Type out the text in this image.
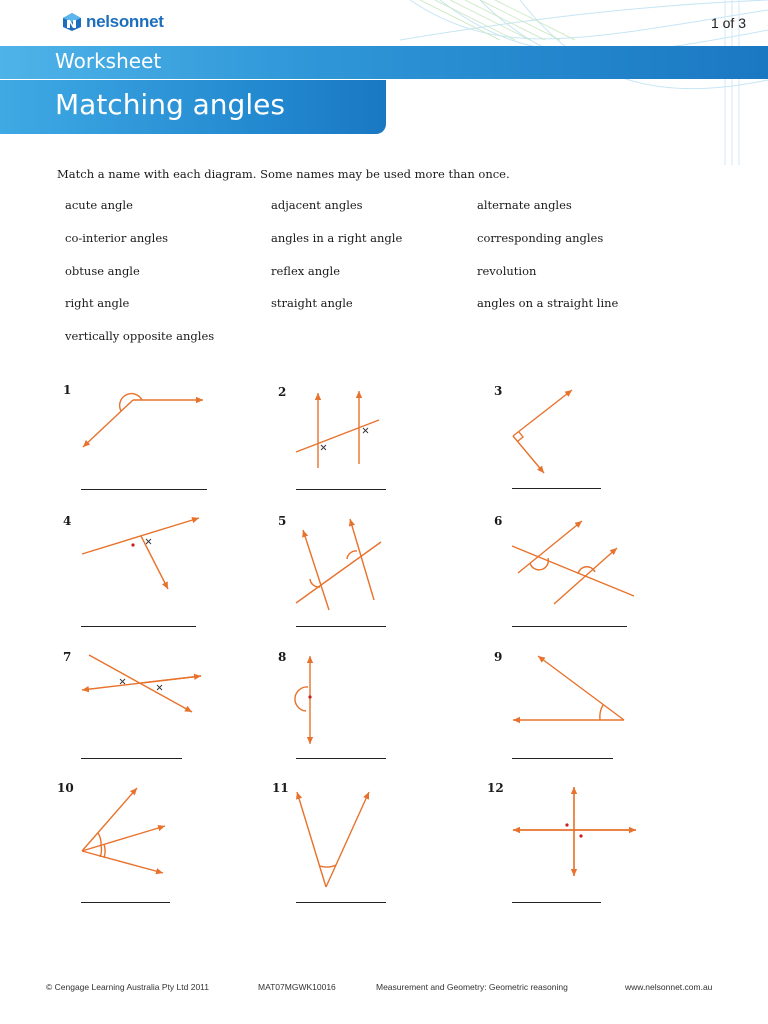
nelsonnet	1 of 3
Worksheet
Matching angles
Match a name with each diagram. Some names may be used more than once.
acute angle	adjacent angles	alternate angles
co-interior angles	angles in a right angle	corresponding angles
obtuse angle	reflex angle	revolution
right angle	straight angle	angles on a straight line
vertically opposite angles
1	2	3
4	5	6
7	8	9
10	11	12
© Cengage Learning Australia Pty Ltd 2011	MAT07MGWK10016	Measurement and Geometry: Geometric reasoning	www.nelsonnet.com.au
